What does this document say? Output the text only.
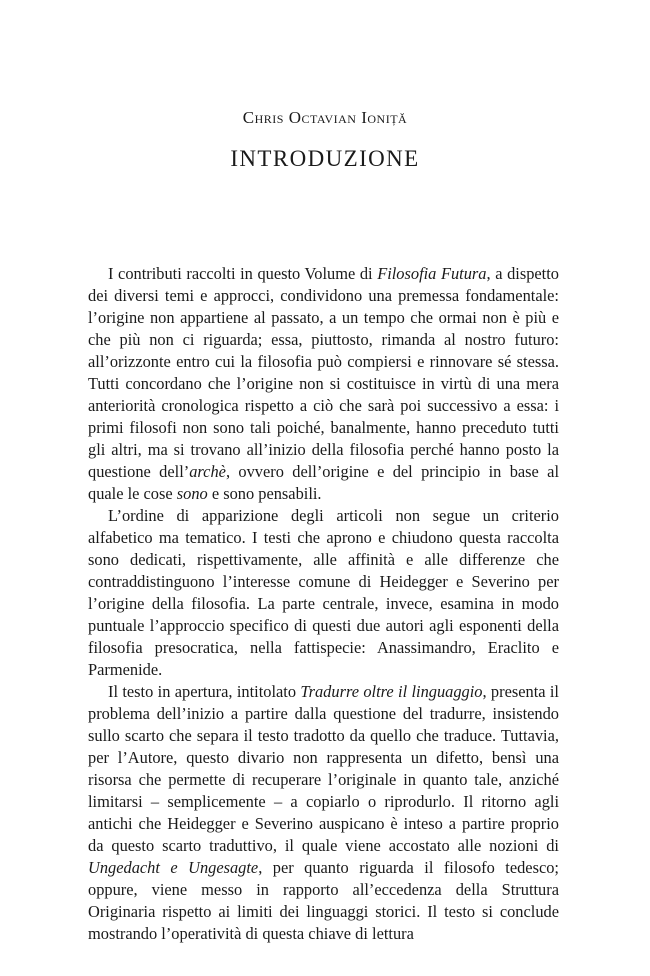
Chris Octavian Ioniță
INTRODUZIONE

I contributi raccolti in questo Volume di Filosofia Futura, a dispetto dei diversi temi e approcci, condividono una premessa fondamentale: l’origine non appartiene al passato, a un tempo che ormai non è più e che più non ci riguarda; essa, piuttosto, rimanda al nostro futuro: all’orizzonte entro cui la filosofia può compiersi e rinnovare sé stessa. Tutti concordano che l’origine non si costituisce in virtù di una mera anteriorità cronologica rispetto a ciò che sarà poi successivo a essa: i primi filosofi non sono tali poiché, banalmente, hanno preceduto tutti gli altri, ma si trovano all’inizio della filosofia perché hanno posto la questione dell’archè, ovvero dell’origine e del principio in base al quale le cose sono e sono pensabili.

L’ordine di apparizione degli articoli non segue un criterio alfabetico ma tematico. I testi che aprono e chiudono questa raccolta sono dedicati, rispettivamente, alle affinità e alle differenze che contraddistinguono l’interesse comune di Heidegger e Severino per l’origine della filosofia. La parte centrale, invece, esamina in modo puntuale l’approccio specifico di questi due autori agli esponenti della filosofia presocratica, nella fattispecie: Anassimandro, Eraclito e Parmenide.

Il testo in apertura, intitolato Tradurre oltre il linguaggio, presenta il problema dell’inizio a partire dalla questione del tradurre, insistendo sullo scarto che separa il testo tradotto da quello che traduce. Tuttavia, per l’Autore, questo divario non rappresenta un difetto, bensì una risorsa che permette di recuperare l’originale in quanto tale, anziché limitarsi – semplicemente – a copiarlo o riprodurlo. Il ritorno agli antichi che Heidegger e Severino auspicano è inteso a partire proprio da questo scarto traduttivo, il quale viene accostato alle nozioni di Ungedacht e Ungesagte, per quanto riguarda il filosofo tedesco; oppure, viene messo in rapporto all’eccedenza della Struttura Originaria rispetto ai limiti dei linguaggi storici. Il testo si conclude mostrando l’operatività di questa chiave di lettura
